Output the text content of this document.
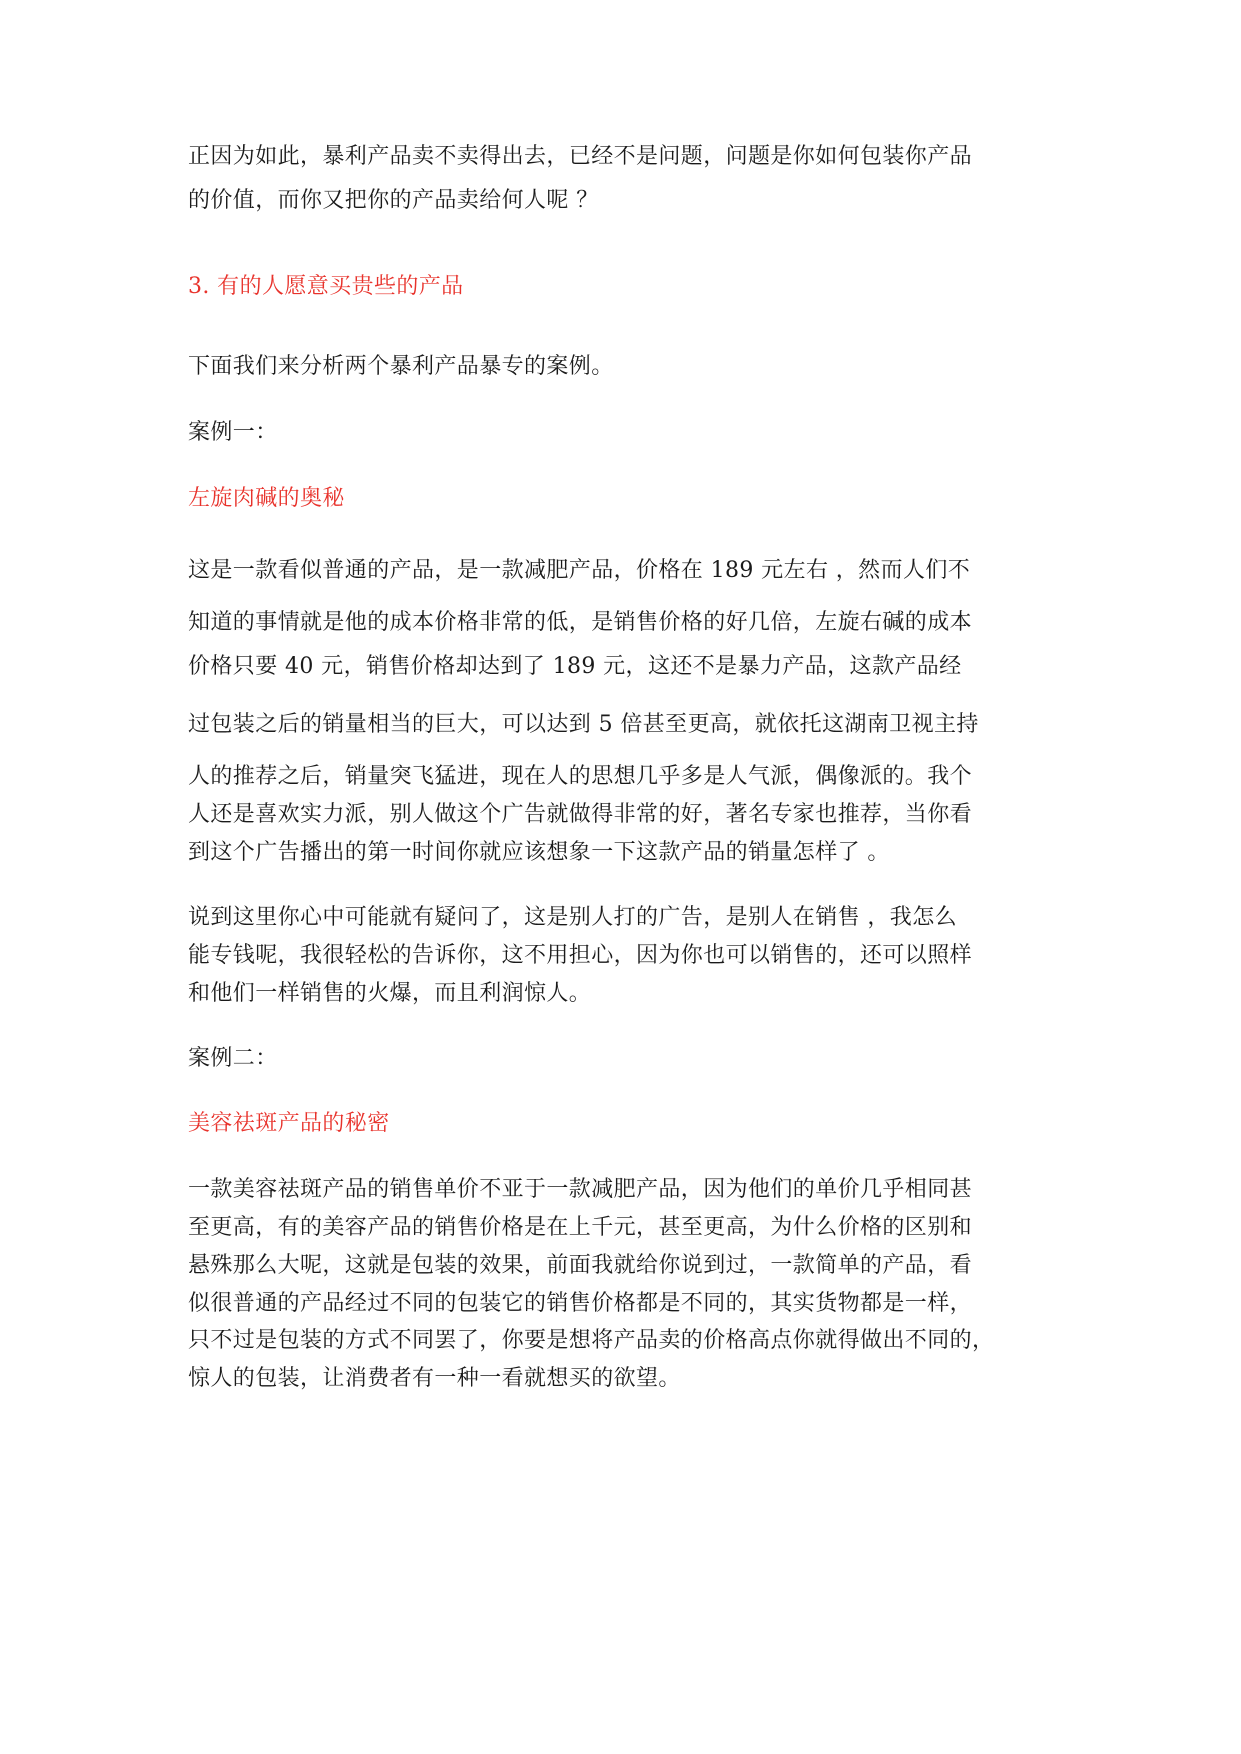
正因为如此，暴利产品卖不卖得出去，已经不是问题，问题是你如何包装你产品

的价值，而你又把你的产品卖给何人呢 ？

3. 有的人愿意买贵些的产品

下面我们来分析两个暴利产品暴专的案例。

案例一：

左旋肉碱的奥秘

这是一款看似普通的产品，是一款减肥产品，价格在 189 元左右 ，然而人们不

知道的事情就是他的成本价格非常的低，是销售价格的好几倍，左旋右碱的成本

价格只要 40 元，销售价格却达到了 189 元，这还不是暴力产品，这款产品经

过包装之后的销量相当的巨大，可以达到 5 倍甚至更高，就依托这湖南卫视主持

人的推荐之后，销量突飞猛进，现在人的思想几乎多是人气派，偶像派的。我个

人还是喜欢实力派，别人做这个广告就做得非常的好，著名专家也推荐，当你看

到这个广告播出的第一时间你就应该想象一下这款产品的销量怎样了 。

说到这里你心中可能就有疑问了，这是别人打的广告，是别人在销售 ，我怎么

能专钱呢，我很轻松的告诉你，这不用担心，因为你也可以销售的，还可以照样

和他们一样销售的火爆，而且利润惊人。

案例二：

美容祛斑产品的秘密

一款美容祛斑产品的销售单价不亚于一款减肥产品，因为他们的单价几乎相同甚

至更高，有的美容产品的销售价格是在上千元，甚至更高，为什么价格的区别和

悬殊那么大呢，这就是包装的效果，前面我就给你说到过，一款简单的产品，看

似很普通的产品经过不同的包装它的销售价格都是不同的，其实货物都是一样，

只不过是包装的方式不同罢了，你要是想将产品卖的价格高点你就得做出不同的，

惊人的包装，让消费者有一种一看就想买的欲望。
